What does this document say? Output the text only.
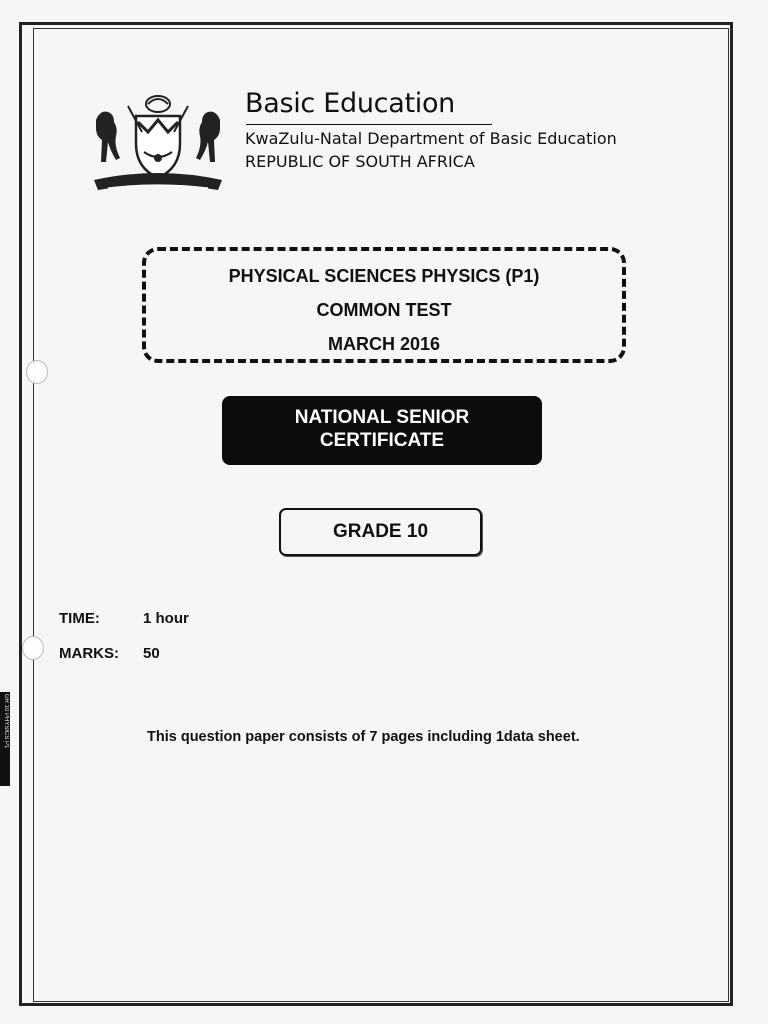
Basic Education
KwaZulu-Natal Department of Basic Education
REPUBLIC OF SOUTH AFRICA
PHYSICAL SCIENCES PHYSICS (P1)
COMMON TEST
MARCH 2016
NATIONAL SENIOR
CERTIFICATE
GRADE 10
TIME:	1 hour
MARKS: 50
This question paper consists of 7 pages including 1data sheet.
GR 10 PHYSICS P1
